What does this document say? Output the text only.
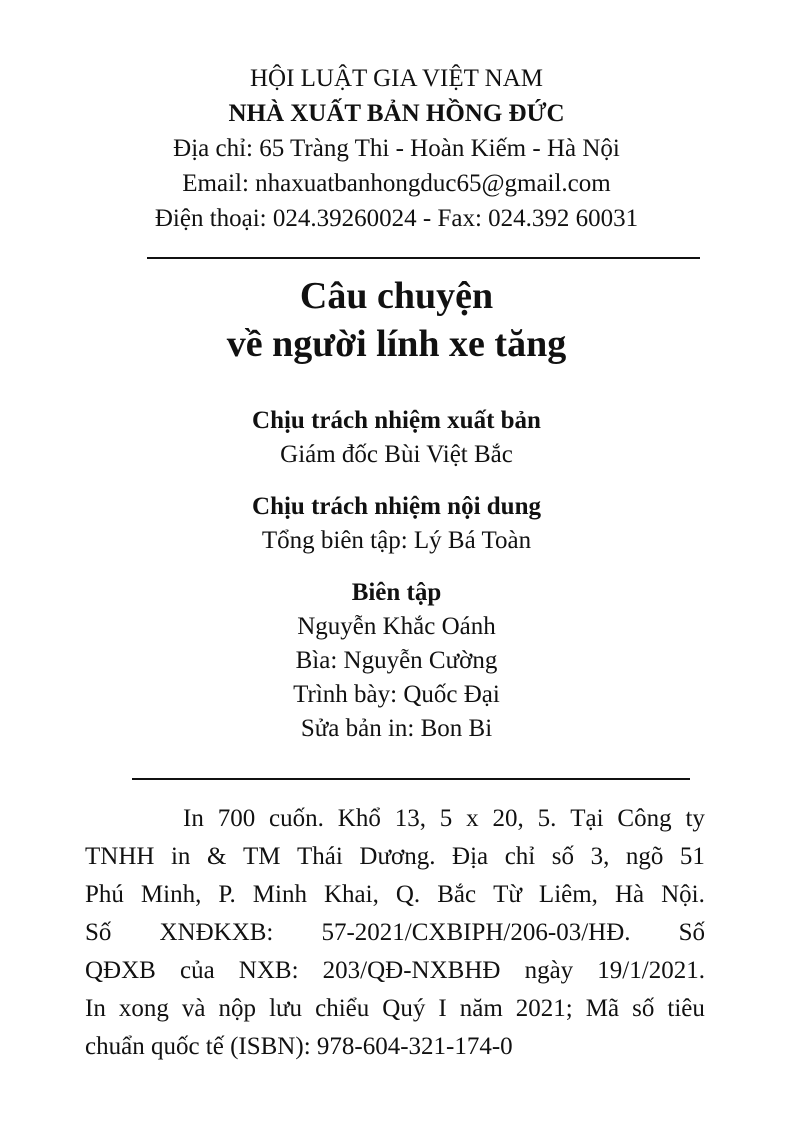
HỘI LUẬT GIA VIỆT NAM
NHÀ XUẤT BẢN HỒNG ĐỨC
Địa chỉ: 65 Tràng Thi - Hoàn Kiếm - Hà Nội
Email: nhaxuatbanhongduc65@gmail.com
Điện thoại: 024.39260024 - Fax: 024.392 60031
Câu chuyện
về người lính xe tăng
Chịu trách nhiệm xuất bản
Giám đốc Bùi Việt Bắc
Chịu trách nhiệm nội dung
Tổng biên tập: Lý Bá Toàn
Biên tập
Nguyễn Khắc Oánh
Bìa: Nguyễn Cường
Trình bày: Quốc Đại
Sửa bản in: Bon Bi
In 700 cuốn. Khổ 13, 5 x 20, 5. Tại Công ty
TNHH in & TM Thái Dương. Địa chỉ số 3, ngõ 51
Phú Minh, P. Minh Khai, Q. Bắc Từ Liêm, Hà Nội.
Số XNĐKXB: 57-2021/CXBIPH/206-03/HĐ. Số
QĐXB của NXB: 203/QĐ-NXBHĐ ngày 19/1/2021.
In xong và nộp lưu chiểu Quý I năm 2021; Mã số tiêu
chuẩn quốc tế (ISBN): 978-604-321-174-0
